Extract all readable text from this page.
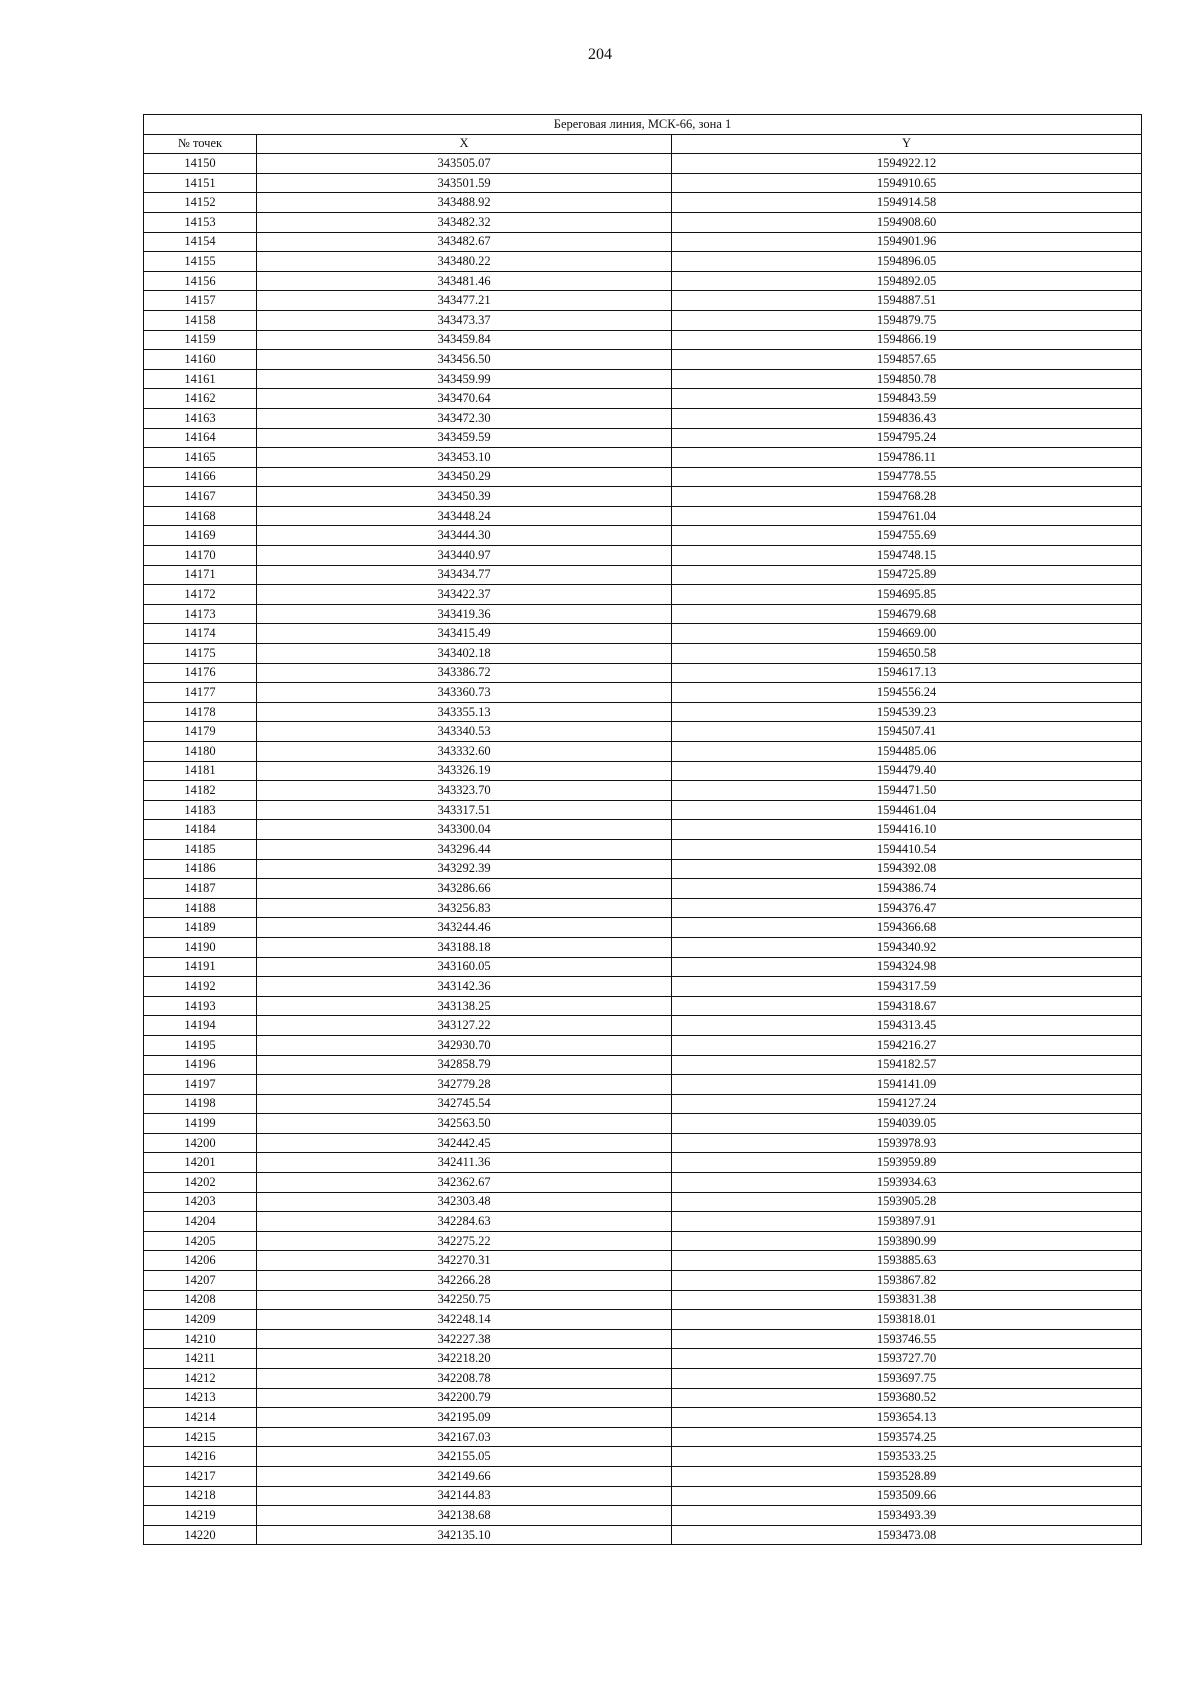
204
Береговая линия, МСК-66, зона 1		
№ точек	X	Y
14150	343505.07	1594922.12
14151	343501.59	1594910.65
14152	343488.92	1594914.58
14153	343482.32	1594908.60
14154	343482.67	1594901.96
14155	343480.22	1594896.05
14156	343481.46	1594892.05
14157	343477.21	1594887.51
14158	343473.37	1594879.75
14159	343459.84	1594866.19
14160	343456.50	1594857.65
14161	343459.99	1594850.78
14162	343470.64	1594843.59
14163	343472.30	1594836.43
14164	343459.59	1594795.24
14165	343453.10	1594786.11
14166	343450.29	1594778.55
14167	343450.39	1594768.28
14168	343448.24	1594761.04
14169	343444.30	1594755.69
14170	343440.97	1594748.15
14171	343434.77	1594725.89
14172	343422.37	1594695.85
14173	343419.36	1594679.68
14174	343415.49	1594669.00
14175	343402.18	1594650.58
14176	343386.72	1594617.13
14177	343360.73	1594556.24
14178	343355.13	1594539.23
14179	343340.53	1594507.41
14180	343332.60	1594485.06
14181	343326.19	1594479.40
14182	343323.70	1594471.50
14183	343317.51	1594461.04
14184	343300.04	1594416.10
14185	343296.44	1594410.54
14186	343292.39	1594392.08
14187	343286.66	1594386.74
14188	343256.83	1594376.47
14189	343244.46	1594366.68
14190	343188.18	1594340.92
14191	343160.05	1594324.98
14192	343142.36	1594317.59
14193	343138.25	1594318.67
14194	343127.22	1594313.45
14195	342930.70	1594216.27
14196	342858.79	1594182.57
14197	342779.28	1594141.09
14198	342745.54	1594127.24
14199	342563.50	1594039.05
14200	342442.45	1593978.93
14201	342411.36	1593959.89
14202	342362.67	1593934.63
14203	342303.48	1593905.28
14204	342284.63	1593897.91
14205	342275.22	1593890.99
14206	342270.31	1593885.63
14207	342266.28	1593867.82
14208	342250.75	1593831.38
14209	342248.14	1593818.01
14210	342227.38	1593746.55
14211	342218.20	1593727.70
14212	342208.78	1593697.75
14213	342200.79	1593680.52
14214	342195.09	1593654.13
14215	342167.03	1593574.25
14216	342155.05	1593533.25
14217	342149.66	1593528.89
14218	342144.83	1593509.66
14219	342138.68	1593493.39
14220	342135.10	1593473.08
